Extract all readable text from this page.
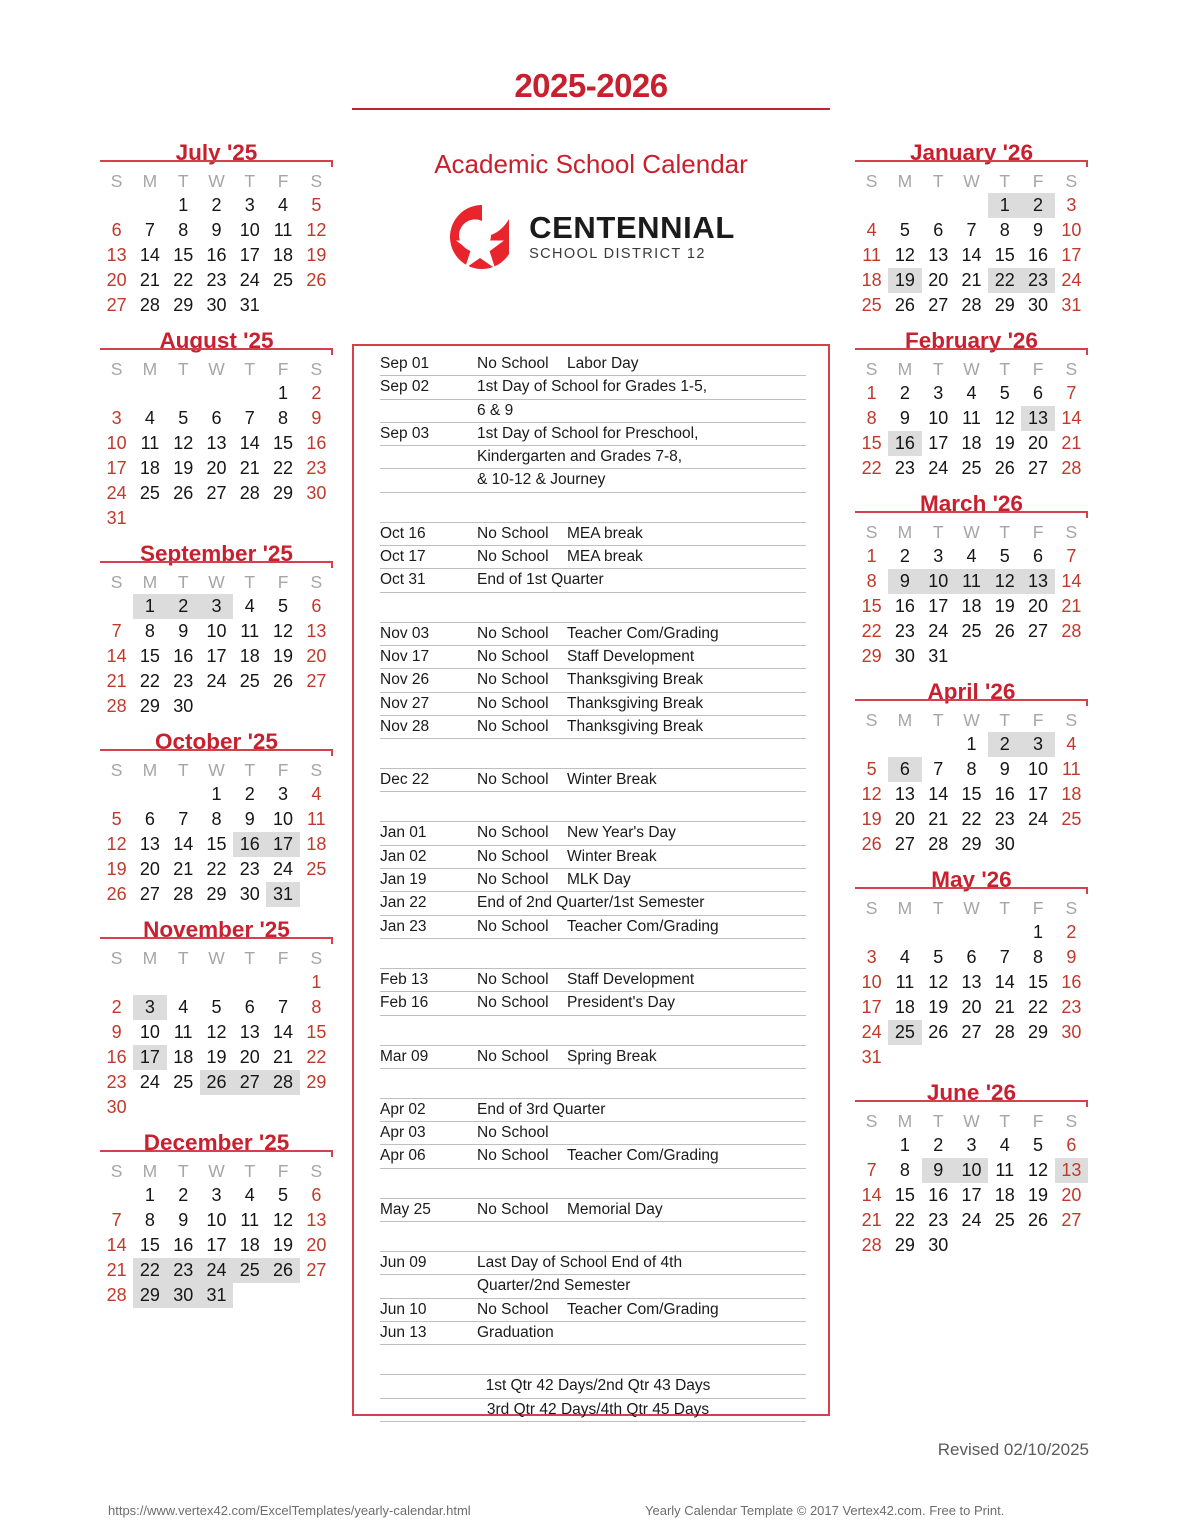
2025-2026
Academic School Calendar
CENTENNIAL
SCHOOL DISTRICT 12
July '25
S	M	T	W	T	F	S
		1	2	3	4	5
6	7	8	9	10	11	12
13	14	15	16	17	18	19
20	21	22	23	24	25	26
27	28	29	30	31		
August '25
S	M	T	W	T	F	S
					1	2
3	4	5	6	7	8	9
10	11	12	13	14	15	16
17	18	19	20	21	22	23
24	25	26	27	28	29	30
31						
September '25
S	M	T	W	T	F	S
	1	2	3	4	5	6
7	8	9	10	11	12	13
14	15	16	17	18	19	20
21	22	23	24	25	26	27
28	29	30				
October '25
S	M	T	W	T	F	S
			1	2	3	4
5	6	7	8	9	10	11
12	13	14	15	16	17	18
19	20	21	22	23	24	25
26	27	28	29	30	31	
November '25
S	M	T	W	T	F	S
						1
2	3	4	5	6	7	8
9	10	11	12	13	14	15
16	17	18	19	20	21	22
23	24	25	26	27	28	29
30						
December '25
S	M	T	W	T	F	S
	1	2	3	4	5	6
7	8	9	10	11	12	13
14	15	16	17	18	19	20
21	22	23	24	25	26	27
28	29	30	31			
January '26
S	M	T	W	T	F	S
				1	2	3
4	5	6	7	8	9	10
11	12	13	14	15	16	17
18	19	20	21	22	23	24
25	26	27	28	29	30	31
February '26
S	M	T	W	T	F	S
1	2	3	4	5	6	7
8	9	10	11	12	13	14
15	16	17	18	19	20	21
22	23	24	25	26	27	28
March '26
S	M	T	W	T	F	S
1	2	3	4	5	6	7
8	9	10	11	12	13	14
15	16	17	18	19	20	21
22	23	24	25	26	27	28
29	30	31				
April '26
S	M	T	W	T	F	S
			1	2	3	4
5	6	7	8	9	10	11
12	13	14	15	16	17	18
19	20	21	22	23	24	25
26	27	28	29	30		
May '26
S	M	T	W	T	F	S
					1	2
3	4	5	6	7	8	9
10	11	12	13	14	15	16
17	18	19	20	21	22	23
24	25	26	27	28	29	30
31						
June '26
S	M	T	W	T	F	S
	1	2	3	4	5	6
7	8	9	10	11	12	13
14	15	16	17	18	19	20
21	22	23	24	25	26	27
28	29	30				
Sep 01	No School	Labor Day
Sep 02	1st Day of School for Grades 1-5,
6 & 9
Sep 03	1st Day of School for Preschool,
Kindergarten and Grades 7-8,
& 10-12 & Journey
Oct 16	No School	MEA break
Oct 17	No School	MEA break
Oct 31	End of 1st Quarter
Nov 03	No School	Teacher Com/Grading
Nov 17	No School	Staff Development
Nov 26	No School	Thanksgiving Break
Nov 27	No School	Thanksgiving Break
Nov 28	No School	Thanksgiving Break
Dec 22	No School	Winter Break
Jan 01	No School	New Year's Day
Jan 02	No School	Winter Break
Jan 19	No School	MLK Day
Jan 22	End of 2nd Quarter/1st Semester
Jan 23	No School	Teacher Com/Grading
Feb 13	No School	Staff Development
Feb 16	No School	President's Day
Mar 09	No School	Spring Break
Apr 02	End of 3rd Quarter
Apr 03	No School
Apr 06	No School	Teacher Com/Grading
May 25	No School	Memorial Day
Jun 09	Last Day of School End of 4th
Quarter/2nd Semester
Jun 10	No School	Teacher Com/Grading
Jun 13	Graduation
1st Qtr 42 Days/2nd Qtr 43 Days
3rd Qtr 42 Days/4th Qtr 45 Days
Revised 02/10/2025
https://www.vertex42.com/ExcelTemplates/yearly-calendar.html	Yearly Calendar Template © 2017 Vertex42.com. Free to Print.
